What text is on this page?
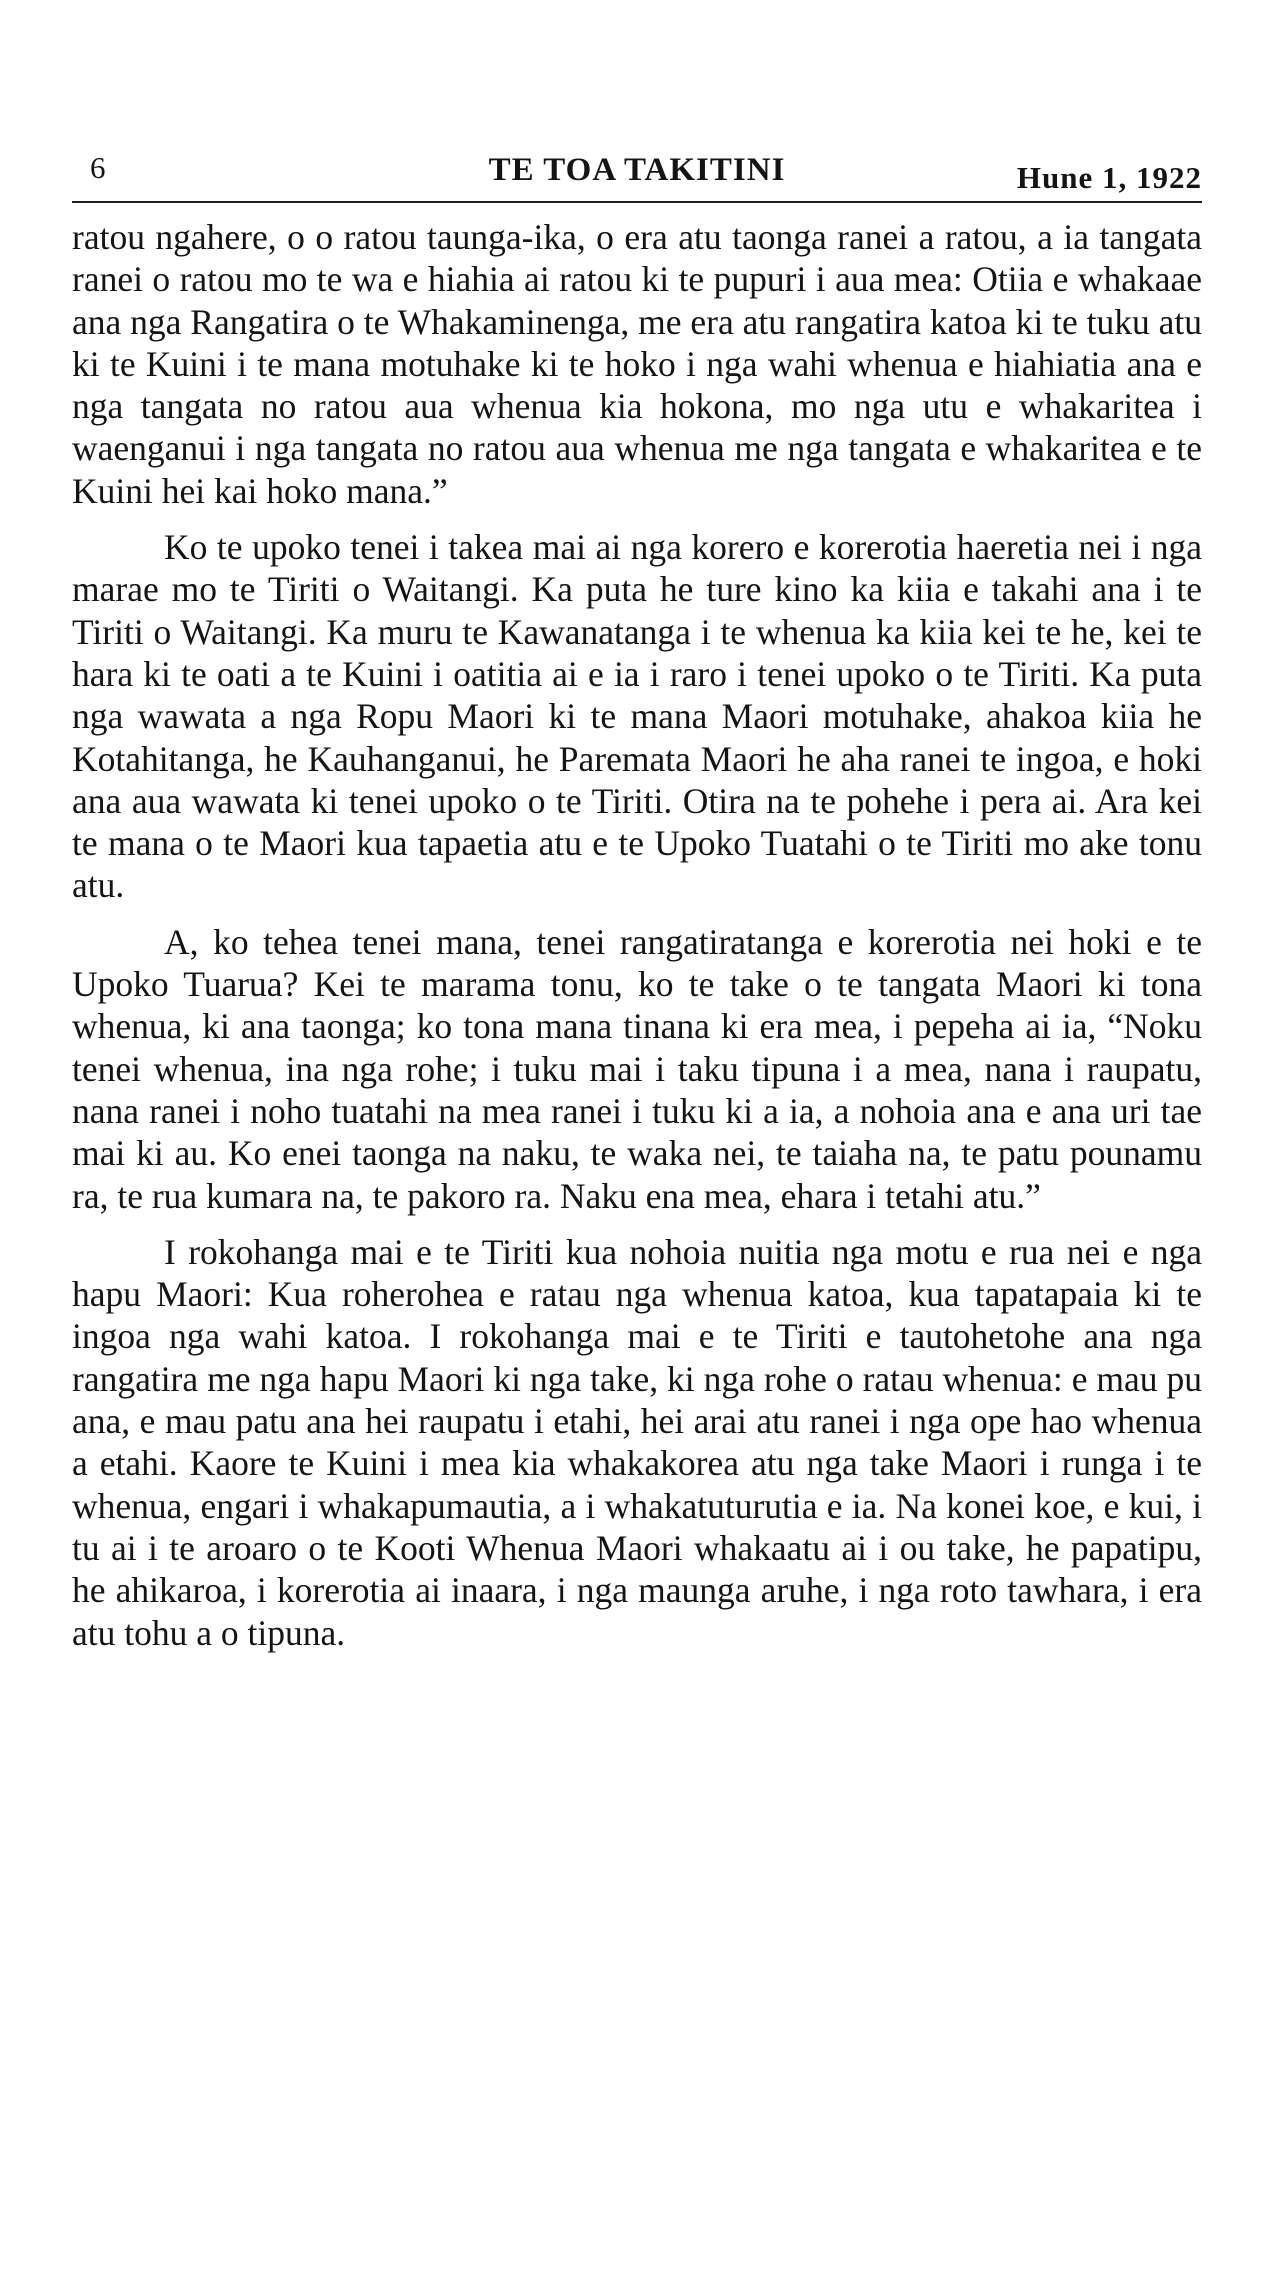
6	TE TOA TAKITINI	Hune 1, 1922

ratou ngahere, o o ratou taunga-ika, o era atu taonga ranei a ratou, a ia tangata ranei o ratou mo te wa e hiahia ai ratou ki te pupuri i aua mea: Otiia e whakaae ana nga Rangatira o te Whakaminenga, me era atu rangatira katoa ki te tuku atu ki te Kuini i te mana motuhake ki te hoko i nga wahi whenua e hiahiatia ana e nga tangata no ratou aua whenua kia hokona, mo nga utu e whakaritea i waenganui i nga tangata no ratou aua whenua me nga tangata e whakaritea e te Kuini hei kai hoko mana.”

Ko te upoko tenei i takea mai ai nga korero e korerotia haeretia nei i nga marae mo te Tiriti o Waitangi. Ka puta he ture kino ka kiia e takahi ana i te Tiriti o Waitangi. Ka muru te Kawanatanga i te whenua ka kiia kei te he, kei te hara ki te oati a te Kuini i oatitia ai e ia i raro i tenei upoko o te Tiriti. Ka puta nga wawata a nga Ropu Maori ki te mana Maori motuhake, ahakoa kiia he Kotahitanga, he Kauhanganui, he Paremata Maori he aha ranei te ingoa, e hoki ana aua wawata ki tenei upoko o te Tiriti. Otira na te pohehe i pera ai. Ara kei te mana o te Maori kua tapaetia atu e te Upoko Tuatahi o te Tiriti mo ake tonu atu.

A, ko tehea tenei mana, tenei rangatiratanga e korerotia nei hoki e te Upoko Tuarua? Kei te marama tonu, ko te take o te tangata Maori ki tona whenua, ki ana taonga; ko tona mana tinana ki era mea, i pepeha ai ia, “Noku tenei whenua, ina nga rohe; i tuku mai i taku tipuna i a mea, nana i raupatu, nana ranei i noho tuatahi na mea ranei i tuku ki a ia, a nohoia ana e ana uri tae mai ki au. Ko enei taonga na naku, te waka nei, te taiaha na, te patu pounamu ra, te rua kumara na, te pakoro ra. Naku ena mea, ehara i tetahi atu.”

I rokohanga mai e te Tiriti kua nohoia nuitia nga motu e rua nei e nga hapu Maori: Kua roherohea e ratau nga whenua katoa, kua tapatapaia ki te ingoa nga wahi katoa. I rokohanga mai e te Tiriti e tautohetohe ana nga rangatira me nga hapu Maori ki nga take, ki nga rohe o ratau whenua: e mau pu ana, e mau patu ana hei raupatu i etahi, hei arai atu ranei i nga ope hao whenua a etahi. Kaore te Kuini i mea kia whakakorea atu nga take Maori i runga i te whenua, engari i whakapumautia, a i whakatuturutia e ia. Na konei koe, e kui, i tu ai i te aroaro o te Kooti Whenua Maori whakaatu ai i ou take, he papatipu, he ahikaroa, i korerotia ai inaara, i nga maunga aruhe, i nga roto tawhara, i era atu tohu a o tipuna.
